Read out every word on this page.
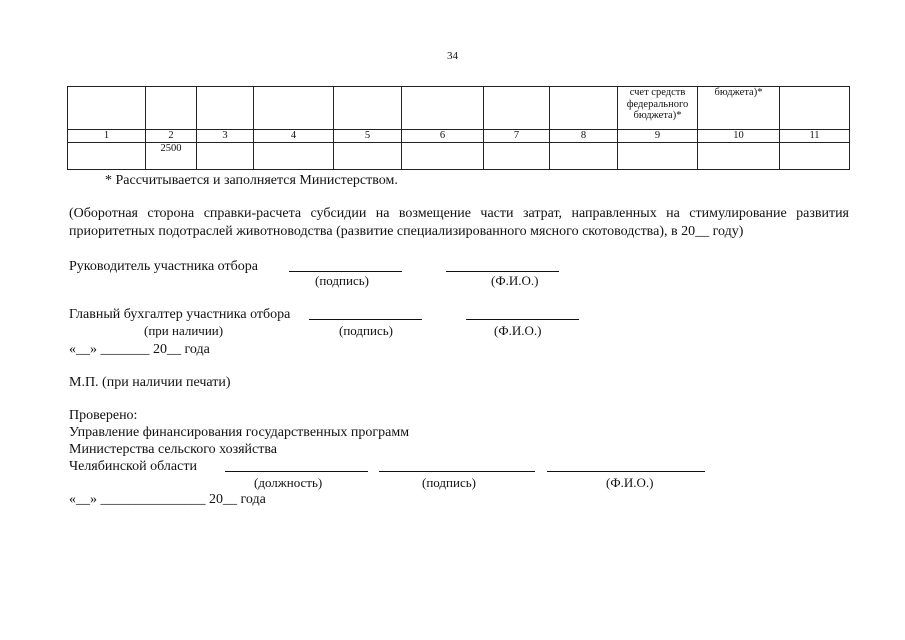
34
								счет средств федерального бюджета)*	бюджета)*	
1	2	3	4	5	6	7	8	9	10	11
	2500									
* Рассчитывается и заполняется Министерством.
(Оборотная сторона справки-расчета субсидии на возмещение части затрат, направленных на стимулирование развития
приоритетных подотраслей животноводства (развитие специализированного мясного скотоводства), в 20__ году)
Руководитель участника отбора
(подпись)	(Ф.И.О.)
Главный бухгалтер участника отбора
(при наличии)	(подпись)	(Ф.И.О.)
«__» _______ 20__ года
М.П. (при наличии печати)
Проверено:
Управление финансирования государственных программ
Министерства сельского хозяйства
Челябинской области
(должность)	(подпись)	(Ф.И.О.)
«__» _______________ 20__ года
